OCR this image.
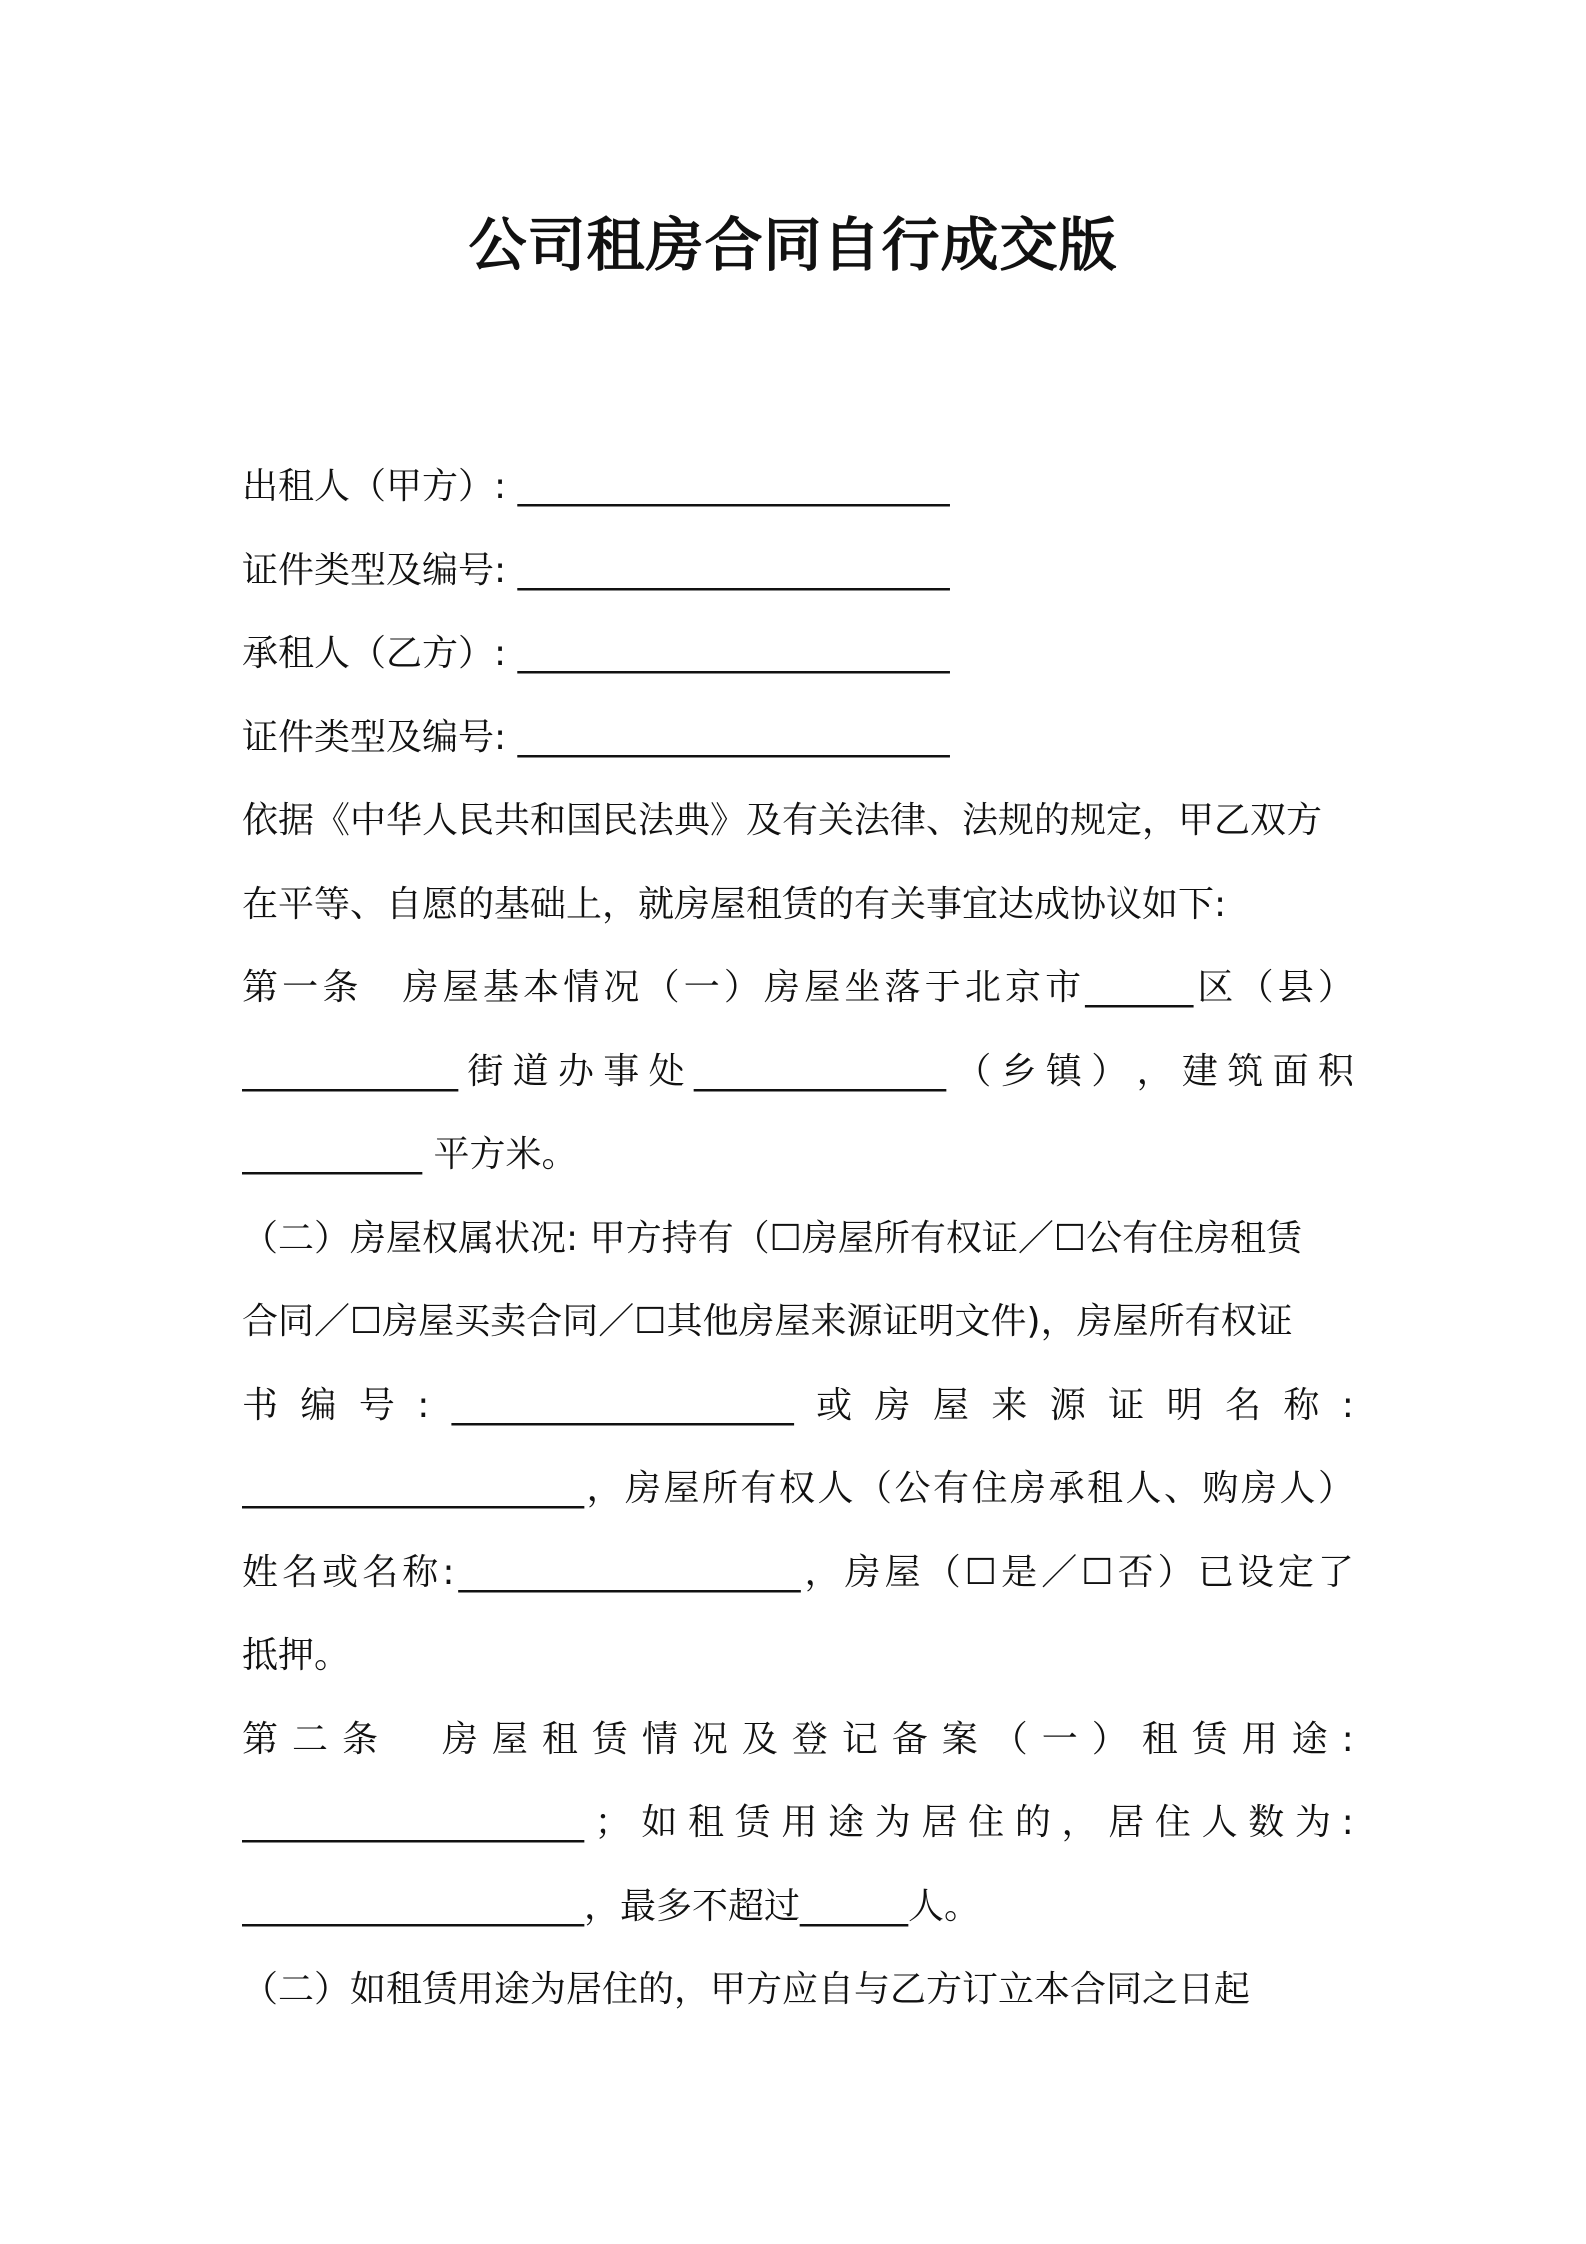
公司租房合同自行成交版
出租人（甲方）: ________________________
证件类型及编号: ________________________
承租人（乙方）: ________________________
证件类型及编号: ________________________
依据《中华人民共和国民法典》及有关法律、法规的规定，甲乙双方
在平等、自愿的基础上，就房屋租赁的有关事宜达成协议如下:
第 一 条
　 房 屋 基 本 情 况 （ 一 ） 房 屋 坐 落 于 北 京 市 ______ 区 （ 县 ）
____________ 街 道 办 事 处 ______________ （ 乡 镇 ） ， 建 筑 面 积
__________ 平方米。
（二）房屋权属状况: 甲方持有（☐房屋所有权证／☐公有住房租赁
合同／☐房屋买卖合同／☐其他房屋来源证明文件)，房屋所有权证
书 编 号 : ___________________ 或 房 屋 来 源 证 明 名 称 :
___________________ ， 房 屋 所 有 权 人 （ 公 有 住 房 承 租 人 、 购 房 人 ）
姓 名 或 名 称 : ___________________ ， 房 屋 （ ☐ 是 ／ ☐ 否 ） 已 设 定 了
抵押。
第 二 条
　 房 屋 租 赁 情 况 及 登 记 备 案 （ 一 ） 租 赁 用 途 :
___________________ ； 如 租 赁 用 途 为 居 住 的 ， 居 住 人 数 为 :
___________________，最多不超过______人。
（二）如租赁用途为居住的，甲方应自与乙方订立本合同之日起
